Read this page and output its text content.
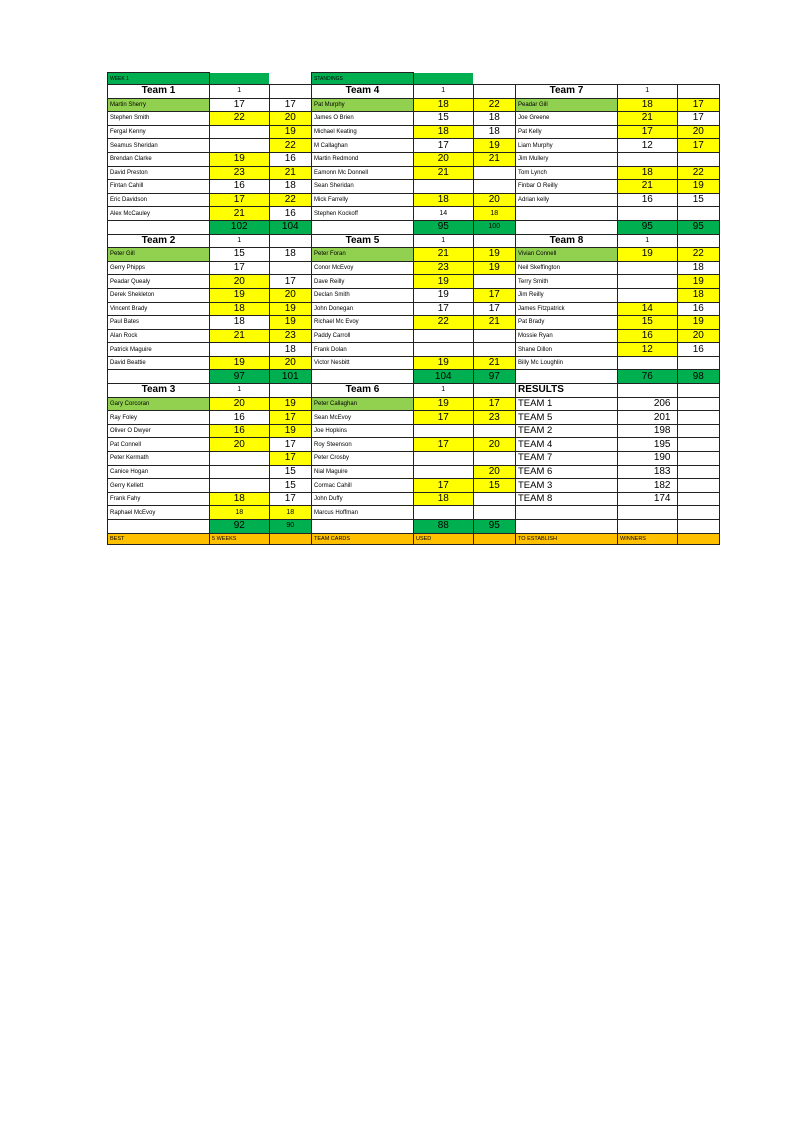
WEEK 1			STANDINGS					
Team 1	1		Team 4	1		Team 7	1	
Martin Sherry	17	17	Pat Murphy	18	22	Peadar Gill	18	17
Stephen Smith	22	20	James O Brien	15	18	Joe Greene	21	17
Fergal Kenny		19	Michael Keating	18	18	Pat Kelly	17	20
Seamus Sheridan		22	M Callaghan	17	19	Liam Murphy	12	17
Brendan Clarke	19	16	Martin Redmond	20	21	Jim Mullery		
David Preston	23	21	Eamonn Mc Donnell	21		Tom Lynch	18	22
Fintan Cahill	16	18	Sean Sheridan			Finbar O Reilly	21	19
Eric Davidson	17	22	Mick Farrelly	18	20	Adrian kelly	16	15
Alex McCauley	21	16	Stephen Kockoff	14	18			
	102	104		95	100		95	95
Team 2	1		Team 5	1		Team 8	1	
Peter Gill	15	18	Peter Foran	21	19	Vivian Connell	19	22
Gerry Phipps	17		Conor McEvoy	23	19	Neil Skeffington		18
Peadar Quealy	20	17	Dave Reilly	19		Terry Smith		19
Derek Shekleton	19	20	Declan Smith	19	17	Jim Reilly		18
Vincent Brady	18	19	John Donegan	17	17	James Fitzpatrick	14	16
Paul Bates	18	19	Richael Mc Evoy	22	21	Pat Brady	15	19
Alan Rock	21	23	Paddy Carroll			Mossie Ryan	16	20
Patrick Maguire		18	Frank Dolan			Shane Dillon	12	16
David Beattie	19	20	Victor Nesbitt	19	21	Billy Mc Loughlin		
	97	101		104	97		76	98
Team 3	1		Team 6	1		RESULTS		
Gary Corcoran	20	19	Peter Callaghan	19	17	TEAM 1	206	
Ray Foley	16	17	Sean McEvoy	17	23	TEAM 5	201	
Oliver O Dwyer	16	19	Joe Hopkins			TEAM 2	198	
Pat Connell	20	17	Roy Steenson	17	20	TEAM 4	195	
Peter Kermath		17	Peter Crosby			TEAM 7	190	
Canice Hogan		15	Nial Maguire		20	TEAM 6	183	
Gerry Kellett		15	Cormac Cahill	17	15	TEAM 3	182	
Frank Fahy	18	17	John Duffy	18		TEAM 8	174	
Raphael McEvoy	18	18	Marcus Hoffman					
	92	90		88	95			
BEST	5 WEEKS		TEAM CARDS	USED		TO ESTABLISH	WINNERS	
